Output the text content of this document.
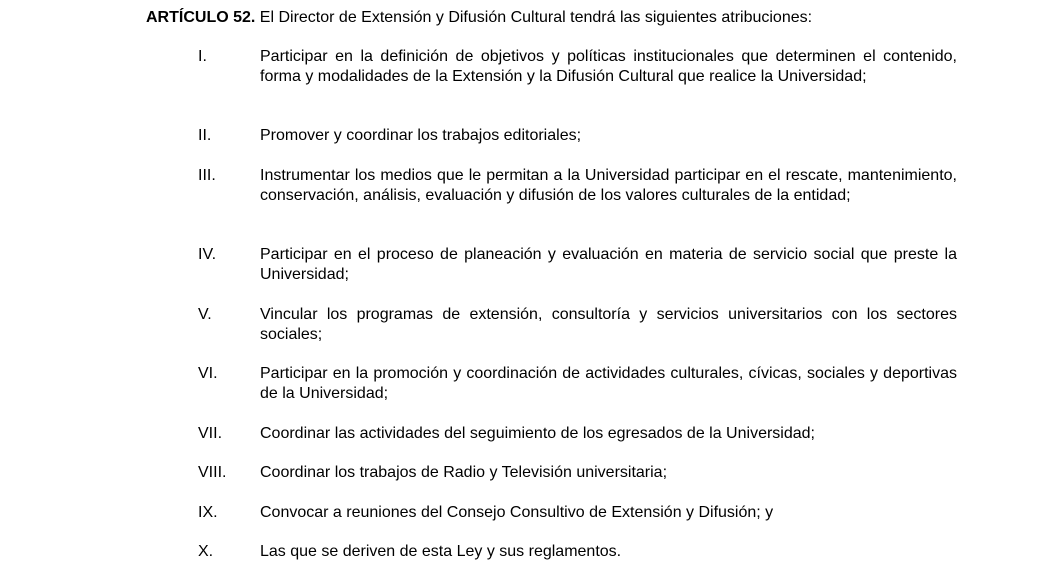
ARTÍCULO 52. El Director de Extensión y Difusión Cultural tendrá las siguientes atribuciones:
I.	Participar en la definición de objetivos y políticas institucionales que determinen el contenido, forma y modalidades de la Extensión y la Difusión Cultural que realice la Universidad;
II.	Promover y coordinar los trabajos editoriales;
III.	Instrumentar los medios que le permitan a la Universidad participar en el rescate, mantenimiento, conservación, análisis, evaluación y difusión de los valores culturales de la entidad;
IV.	Participar en el proceso de planeación y evaluación en materia de servicio social que preste la Universidad;
V.	Vincular los programas de extensión, consultoría y servicios universitarios con los sectores sociales;
VI.	Participar en la promoción y coordinación de actividades culturales, cívicas, sociales y deportivas de la Universidad;
VII. Coordinar las actividades del seguimiento de los egresados de la Universidad;
VIII. Coordinar los trabajos de Radio y Televisión universitaria;
IX.	Convocar a reuniones del Consejo Consultivo de Extensión y Difusión; y
X.	Las que se deriven de esta Ley y sus reglamentos.
